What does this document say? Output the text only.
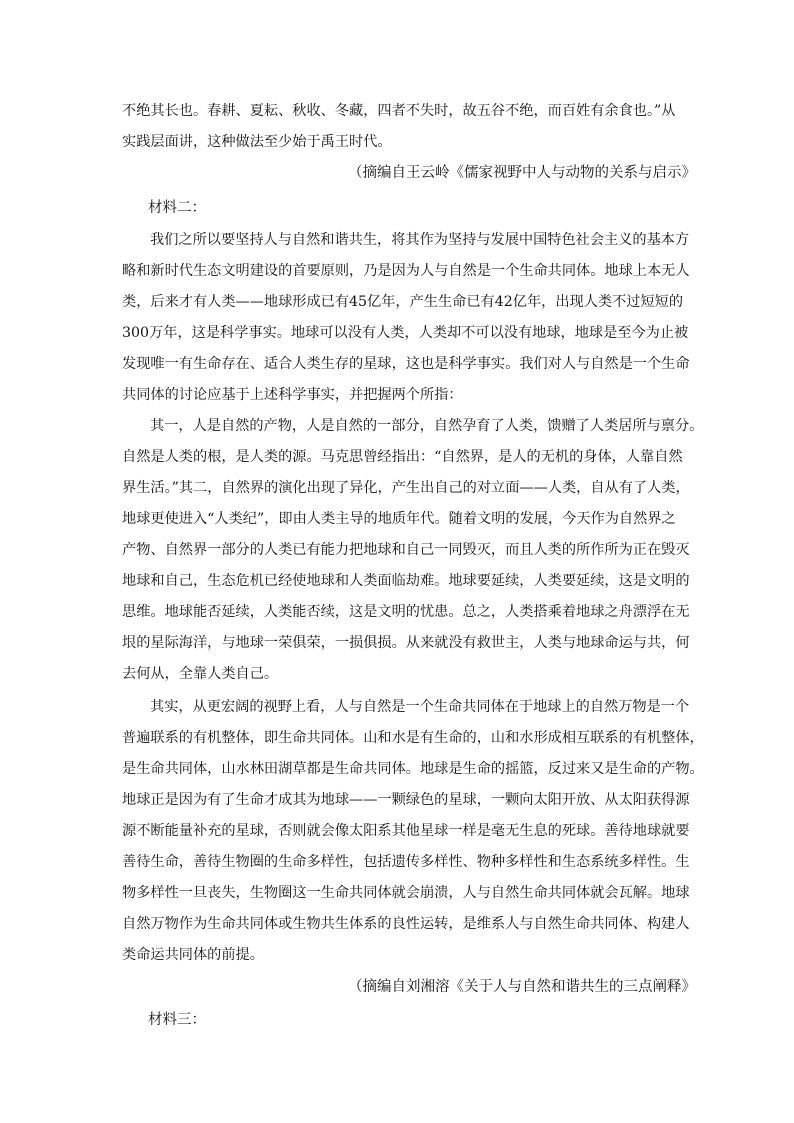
不绝其长也。春耕、夏耘、秋收、冬藏，四者不失时，故五谷不绝，而百姓有余食也。”从
实践层面讲，这种做法至少始于禹王时代。
（摘编自王云岭《儒家视野中人与动物的关系与启示》
材料二：
我们之所以要坚持人与自然和谐共生，将其作为坚持与发展中国特色社会主义的基本方
略和新时代生态文明建设的首要原则，乃是因为人与自然是一个生命共同体。地球上本无人
类，后来才有人类——地球形成已有45亿年，产生生命已有42亿年，出现人类不过短短的
300万年，这是科学事实。地球可以没有人类，人类却不可以没有地球，地球是至今为止被
发现唯一有生命存在、适合人类生存的星球，这也是科学事实。我们对人与自然是一个生命
共同体的讨论应基于上述科学事实，并把握两个所指：
其一，人是自然的产物，人是自然的一部分，自然孕育了人类，馈赠了人类居所与禀分。
自然是人类的根，是人类的源。马克思曾经指出：“自然界，是人的无机的身体，人靠自然
界生活。”其二，自然界的演化出现了异化，产生出自己的对立面——人类，自从有了人类，
地球更使进入“人类纪”，即由人类主导的地质年代。随着文明的发展，今天作为自然界之
产物、自然界一部分的人类已有能力把地球和自己一同毁灭，而且人类的所作所为正在毁灭
地球和自己，生态危机已经使地球和人类面临劫难。地球要延续，人类要延续，这是文明的
思维。地球能否延续，人类能否续，这是文明的忧患。总之，人类搭乘着地球之舟漂浮在无
垠的星际海洋，与地球一荣俱荣，一损俱损。从来就没有救世主，人类与地球命运与共，何
去何从，全靠人类自己。
其实，从更宏阔的视野上看，人与自然是一个生命共同体在于地球上的自然万物是一个
普遍联系的有机整体，即生命共同体。山和水是有生命的，山和水形成相互联系的有机整体，
是生命共同体，山水林田湖草都是生命共同体。地球是生命的摇篮，反过来又是生命的产物。
地球正是因为有了生命才成其为地球——一颗绿色的星球，一颗向太阳开放、从太阳获得源
源不断能量补充的星球，否则就会像太阳系其他星球一样是毫无生息的死球。善待地球就要
善待生命，善待生物圈的生命多样性，包括遗传多样性、物种多样性和生态系统多样性。生
物多样性一旦丧失，生物圈这一生命共同体就会崩溃，人与自然生命共同体就会瓦解。地球
自然万物作为生命共同体或生物共生体系的良性运转，是维系人与自然生命共同体、构建人
类命运共同体的前提。
（摘编自刘湘溶《关于人与自然和谐共生的三点阐释》
材料三：
